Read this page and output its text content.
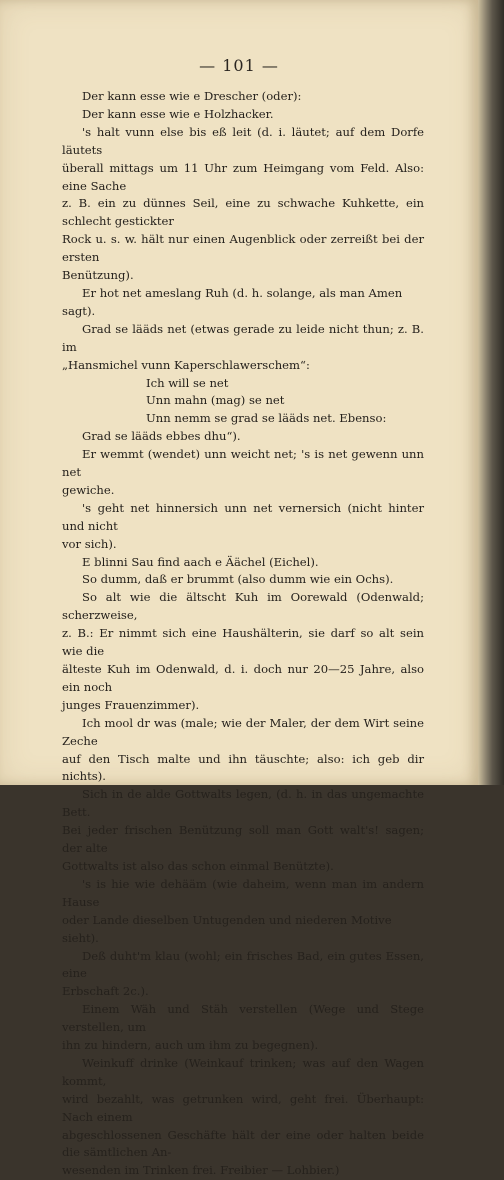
— 101 —

Der kann esse wie e Drescher (oder):

Der kann esse wie e Holzhacker.

's halt vunn else bis eß leit (d. i. läutet; auf dem Dorfe läutets

überall mittags um 11 Uhr zum Heimgang vom Feld. Also: eine Sache

z. B. ein zu dünnes Seil, eine zu schwache Kuhkette, ein schlecht gestickter

Rock u. s. w. hält nur einen Augenblick oder zerreißt bei der ersten

Benützung).

Er hot net ameslang Ruh (d. h. solange, als man Amen sagt).

Grad se lääds net (etwas gerade zu leide nicht thun; z. B. im

„Hansmichel vunn Kaperschlawerschem“:

Ich will se net

Unn mahn (mag) se net

Unn nemm se grad se lääds net. Ebenso:

Grad se lääds ebbes dhu“).

Er wemmt (wendet) unn weicht net; 's is net gewenn unn net

gewiche.

's geht net hinnersich unn net vernersich (nicht hinter und nicht

vor sich).

E blinni Sau find aach e Äächel (Eichel).

So dumm, daß er brummt (also dumm wie ein Ochs).

So alt wie die ältscht Kuh im Oorewald (Odenwald; scherzweise,

z. B.: Er nimmt sich eine Haushälterin, sie darf so alt sein wie die

älteste Kuh im Odenwald, d. i. doch nur 20—25 Jahre, also ein noch

junges Frauenzimmer).

Ich mool dr was (male; wie der Maler, der dem Wirt seine Zeche

auf den Tisch malte und ihn täuschte; also: ich geb dir nichts).

Sich in de alde Gottwalts legen, (d. h. in das ungemachte Bett.

Bei jeder frischen Benützung soll man Gott walt's! sagen; der alte

Gottwalts ist also das schon einmal Benützte).

's is hie wie dehääm (wie daheim, wenn man im andern Hause

oder Lande dieselben Untugenden und niederen Motive sieht).

Deß duht'm klau (wohl; ein frisches Bad, ein gutes Essen, eine

Erbschaft 2c.).

Einem Wäh und Stäh verstellen (Wege und Stege verstellen, um

ihn zu hindern, auch um ihm zu begegnen).

Weinkuff drinke (Weinkauf trinken; was auf den Wagen kommt,

wird bezahlt, was getrunken wird, geht frei. Überhaupt: Nach einem

abgeschlossenen Geschäfte hält der eine oder halten beide die sämtlichen An-

wesenden im Trinken frei. Freibier — Lohbier.)
